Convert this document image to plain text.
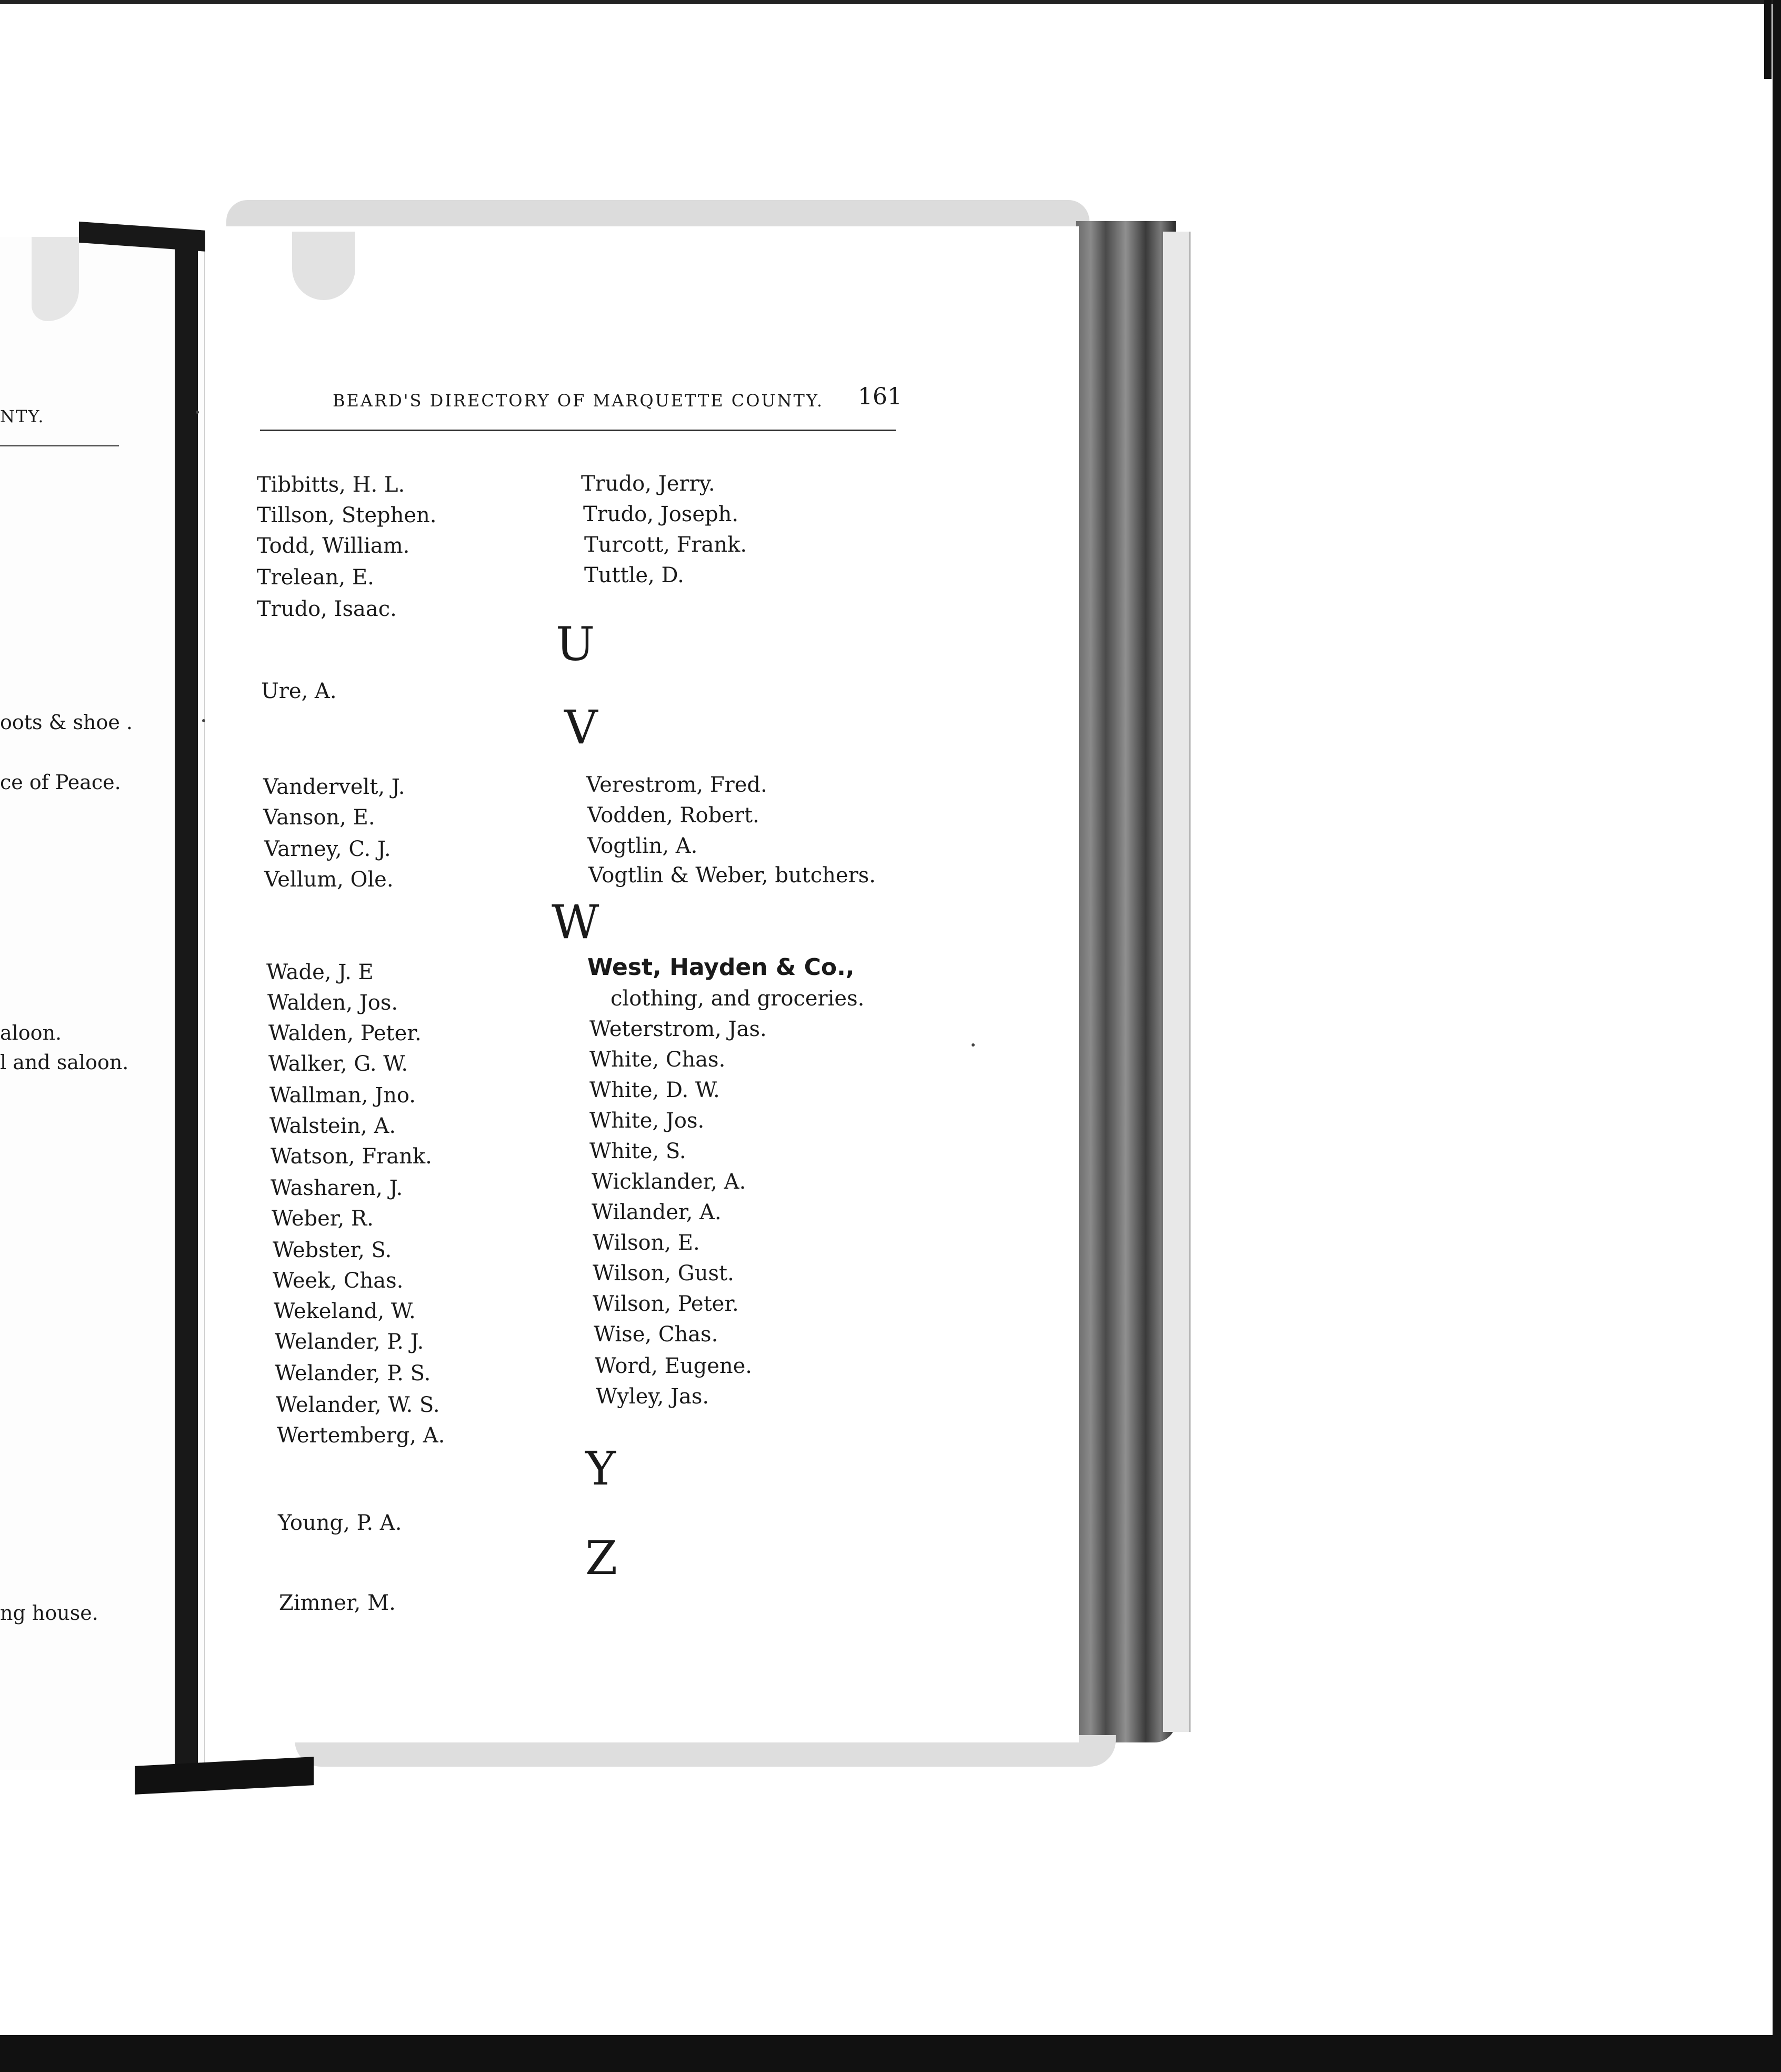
NTY.
oots & shoe .
ce of Peace.
aloon.
l and saloon.
ng house.
BEARD'S DIRECTORY OF MARQUETTE COUNTY. 161
Tibbitts, H. L.
Tillson, Stephen.
Todd, William.
Trelean, E.
Trudo, Isaac.
Trudo, Jerry.
Trudo, Joseph.
Turcott, Frank.
Tuttle, D.
U
Ure, A.
V
Vandervelt, J.
Vanson, E.
Varney, C. J.
Vellum, Ole.
Verestrom, Fred.
Vodden, Robert.
Vogtlin, A.
Vogtlin & Weber, butchers.
W
Wade, J. E
Walden, Jos.
Walden, Peter.
Walker, G. W.
Wallman, Jno.
Walstein, A.
Watson, Frank.
Washaren, J.
Weber, R.
Webster, S.
Week, Chas.
Wekeland, W.
Welander, P. J.
Welander, P. S.
Welander, W. S.
Wertemberg, A.
West, Hayden & Co.,
clothing, and groceries.
Weterstrom, Jas.
White, Chas.
White, D. W.
White, Jos.
White, S.
Wicklander, A.
Wilander, A.
Wilson, E.
Wilson, Gust.
Wilson, Peter.
Wise, Chas.
Word, Eugene.
Wyley, Jas.
Y
Young, P. A.
Z
Zimner, M.
